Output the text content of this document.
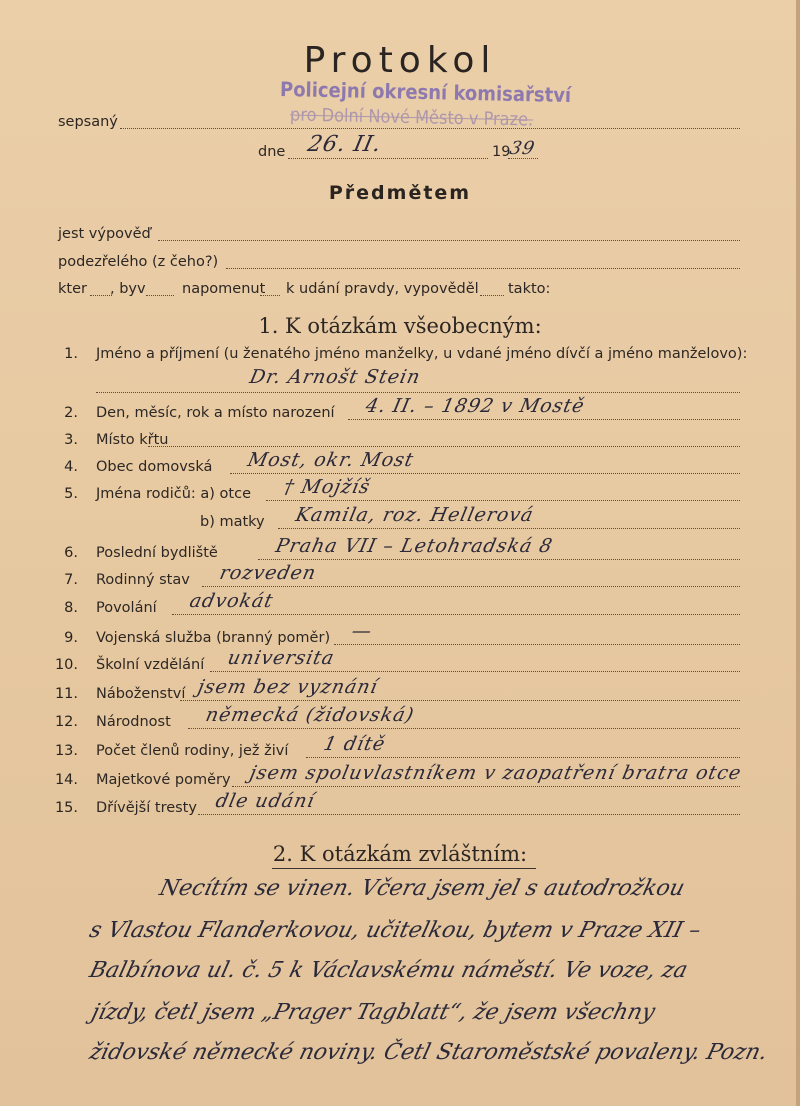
Protokol
Policejní okresní komisařství
pro Dolní Nové Město v Praze.
sepsaný
dne 26. II.	19
39
Předmětem
jest výpověď
podezřelého (z čeho?)
kter , byv	napomenut k udání pravdy, vypověděl takto:
1. K otázkám všeobecným:
1. Jméno a příjmení (u ženatého jméno manželky, u vdané jméno dívčí a jméno manželovo):
Dr. Arnošt Stein
2. Den, měsíc, rok a místo narození 4. II. – 1892 v Mostě
3. Místo křtu
4. Obec domovská Most, okr. Most
5. Jména rodičů: a) otce † Mojžíš
b) matky Kamila, roz. Hellerová
6. Poslední bydliště	Praha VII – Letohradská 8
7. Rodinný stav rozveden
8. Povolání advokát
9. Vojenská služba (branný poměr) —
10. Školní vzdělání universita
11. Náboženství jsem bez vyznání
12. Národnost německá (židovská)
13. Počet členů rodiny, jež živí 1 dítě
14. Majetkové poměry jsem spoluvlastníkem v zaopatření bratra otce
15. Dřívější tresty dle udání
2. K otázkám zvláštním:
Necítím se vinen. Včera jsem jel s autodrožkou
s Vlastou Flanderkovou, učitelkou, bytem v Praze XII –
Balbínova ul. č. 5 k Václavskému náměstí. Ve voze, za
jízdy, četl jsem „Prager Tagblatt“, že jsem všechny
židovské německé noviny. Četl Staroměstské povaleny. Pozn.
